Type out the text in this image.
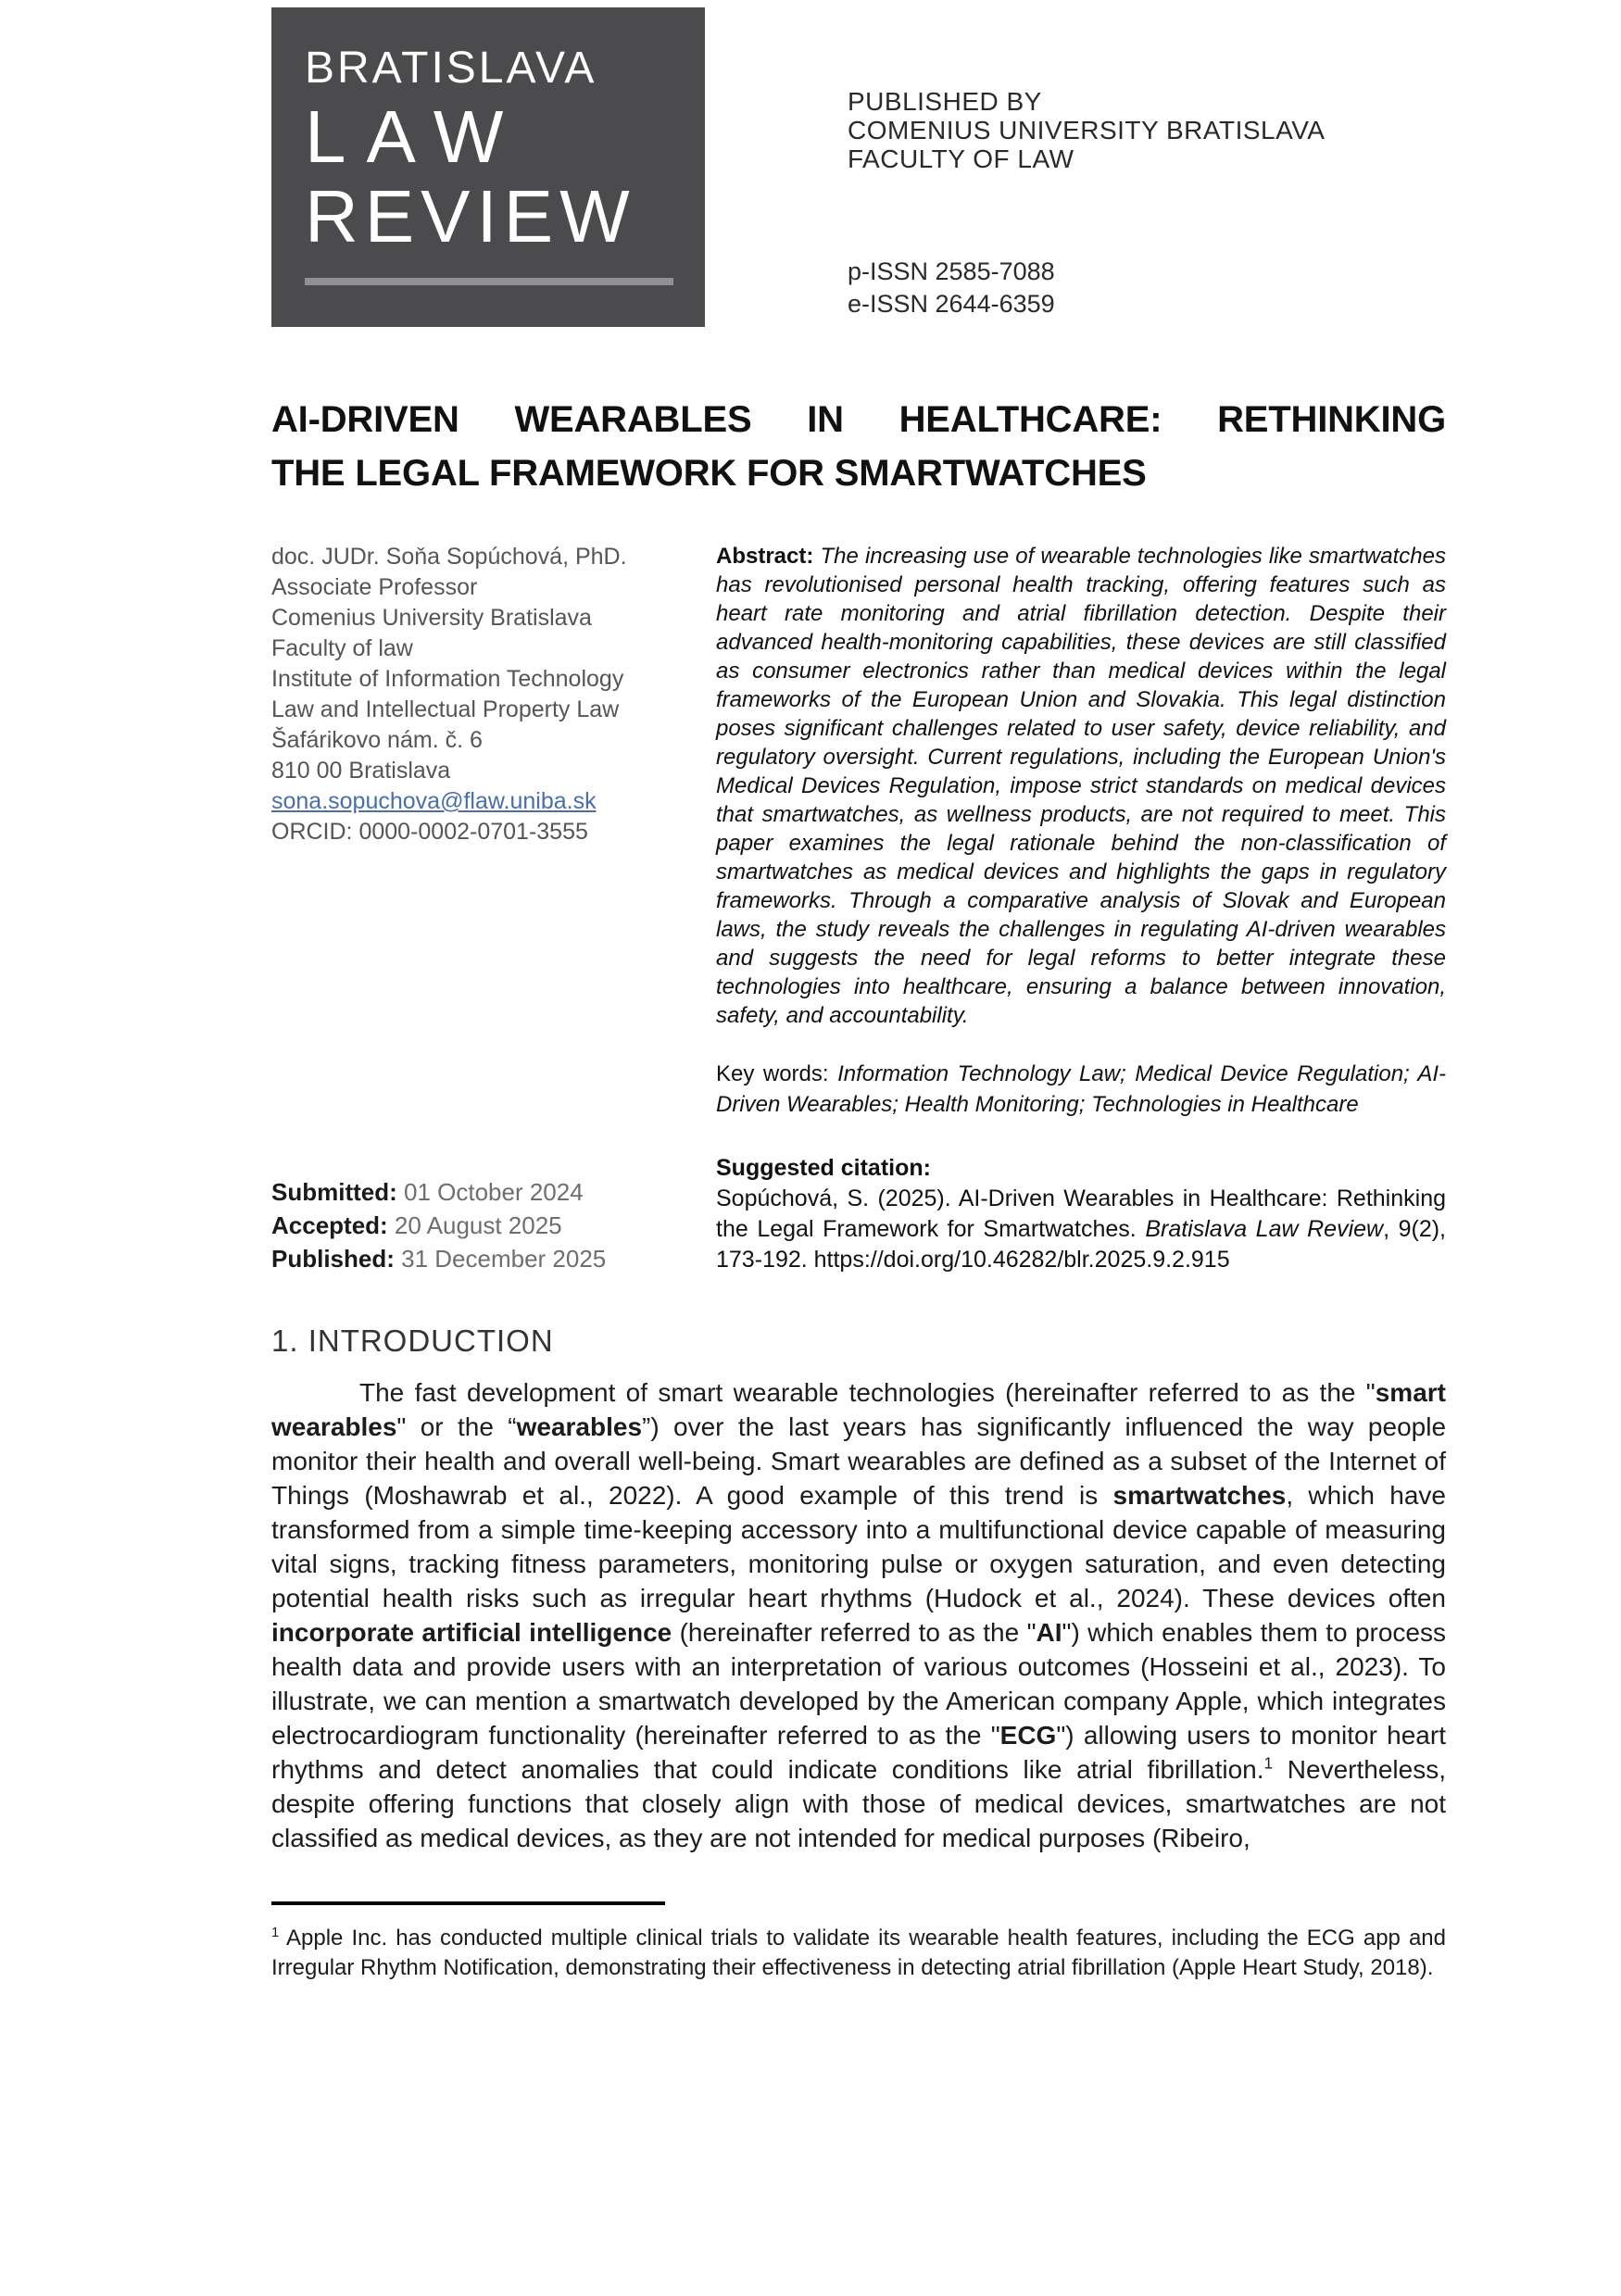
BRATISLAVA
LAW
REVIEW
PUBLISHED BY
COMENIUS UNIVERSITY BRATISLAVA
FACULTY OF LAW
p-ISSN 2585-7088
e-ISSN 2644-6359
AI-DRIVEN WEARABLES IN HEALTHCARE: RETHINKING
THE LEGAL FRAMEWORK FOR SMARTWATCHES
doc. JUDr. Soňa Sopúchová, PhD.
Associate Professor
Comenius University Bratislava
Faculty of law
Institute of Information Technology
Law and Intellectual Property Law
Šafárikovo nám. č. 6
810 00 Bratislava
sona.sopuchova@flaw.uniba.sk
ORCID: 0000-0002-0701-3555
Submitted: 01 October 2024
Accepted: 20 August 2025
Published: 31 December 2025

Abstract: The increasing use of wearable technologies like smartwatches has revolutionised personal health tracking, offering features such as heart rate monitoring and atrial fibrillation detection. Despite their advanced health-monitoring capabilities, these devices are still classified as consumer electronics rather than medical devices within the legal frameworks of the European Union and Slovakia. This legal distinction poses significant challenges related to user safety, device reliability, and regulatory oversight. Current regulations, including the European Union's Medical Devices Regulation, impose strict standards on medical devices that smartwatches, as wellness products, are not required to meet. This paper examines the legal rationale behind the non-classification of smartwatches as medical devices and highlights the gaps in regulatory frameworks. Through a comparative analysis of Slovak and European laws, the study reveals the challenges in regulating AI-driven wearables and suggests the need for legal reforms to better integrate these technologies into healthcare, ensuring a balance between innovation, safety, and accountability.

Key words: Information Technology Law; Medical Device Regulation; AI-Driven Wearables; Health Monitoring; Technologies in Healthcare

Suggested citation:

Sopúchová, S. (2025). AI-Driven Wearables in Healthcare: Rethinking the Legal Framework for Smartwatches. Bratislava Law Review, 9(2), 173-192. https://doi.org/10.46282/blr.2025.9.2.915

1. INTRODUCTION

The fast development of smart wearable technologies (hereinafter referred to as the "smart wearables" or the “wearables”) over the last years has significantly influenced the way people monitor their health and overall well-being. Smart wearables are defined as a subset of the Internet of Things (Moshawrab et al., 2022). A good example of this trend is smartwatches, which have transformed from a simple time-keeping accessory into a multifunctional device capable of measuring vital signs, tracking fitness parameters, monitoring pulse or oxygen saturation, and even detecting potential health risks such as irregular heart rhythms (Hudock et al., 2024). These devices often incorporate artificial intelligence (hereinafter referred to as the "AI") which enables them to process health data and provide users with an interpretation of various outcomes (Hosseini et al., 2023). To illustrate, we can mention a smartwatch developed by the American company Apple, which integrates electrocardiogram functionality (hereinafter referred to as the "ECG") allowing users to monitor heart rhythms and detect anomalies that could indicate conditions like atrial fibrillation.$^1$ Nevertheless, despite offering functions that closely align with those of medical devices, smartwatches are not classified as medical devices, as they are not intended for medical purposes (Ribeiro,

$^1$ Apple Inc. has conducted multiple clinical trials to validate its wearable health features, including the ECG app and Irregular Rhythm Notification, demonstrating their effectiveness in detecting atrial fibrillation (Apple Heart Study, 2018).
